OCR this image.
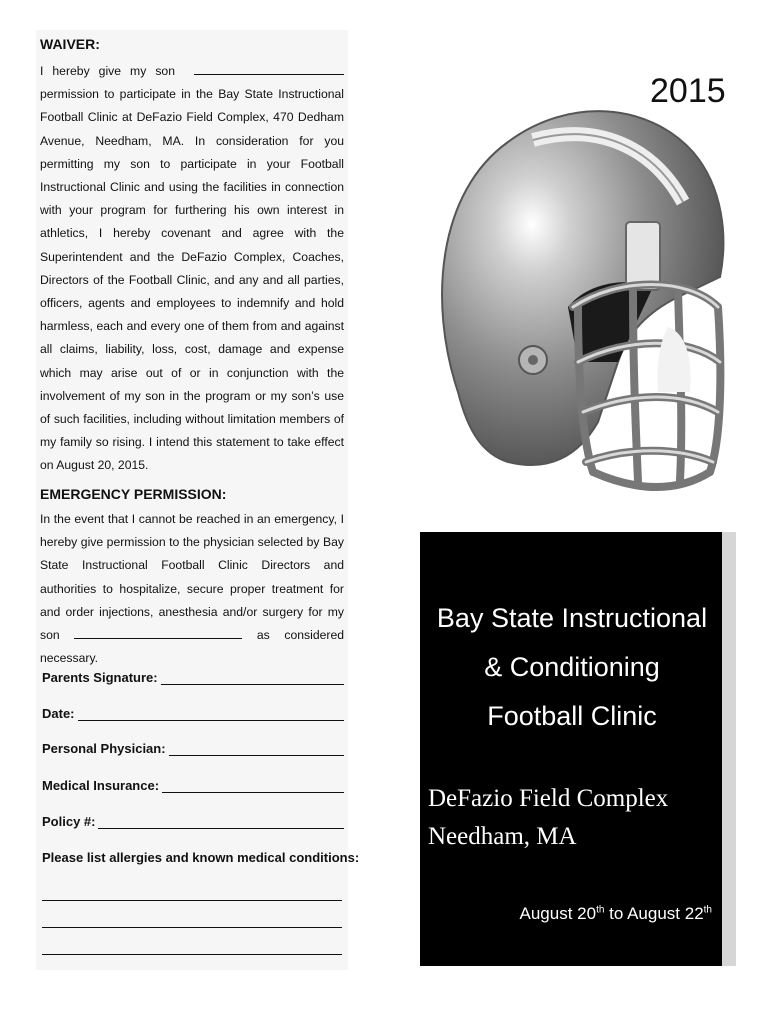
WAIVER:
I hereby give my son  permission to participate in the Bay State Instructional Football Clinic at DeFazio Field Complex, 470 Dedham Avenue, Needham, MA. In consideration for you permitting my son to participate in your Football Instructional Clinic and using the facilities in connection with your program for furthering his own interest in athletics, I hereby covenant and agree with the Superintendent and the DeFazio Complex, Coaches, Directors of the Football Clinic, and any and all parties, officers, agents and employees to indemnify and hold harmless, each and every one of them from and against all claims, liability, loss, cost, damage and expense which may arise out of or in conjunction with the involvement of my son in the program or my son’s use of such facilities, including without limitation members of my family so rising. I intend this statement to take effect on August 20, 2015.
EMERGENCY PERMISSION:
In the event that I cannot be reached in an emergency, I hereby give permission to the physician selected by Bay State Instructional Football Clinic Directors and authorities to hospitalize, secure proper treatment for and order injections, anesthesia and/or surgery for my son	as considered necessary.
Parents Signature:
Date:
Personal Physician:
Medical Insurance:
Policy #:
Please list allergies and known medical conditions:
2015
Bay State Instructional
& Conditioning
Football Clinic
DeFazio Field Complex
Needham, MA
August 20th to August 22th
